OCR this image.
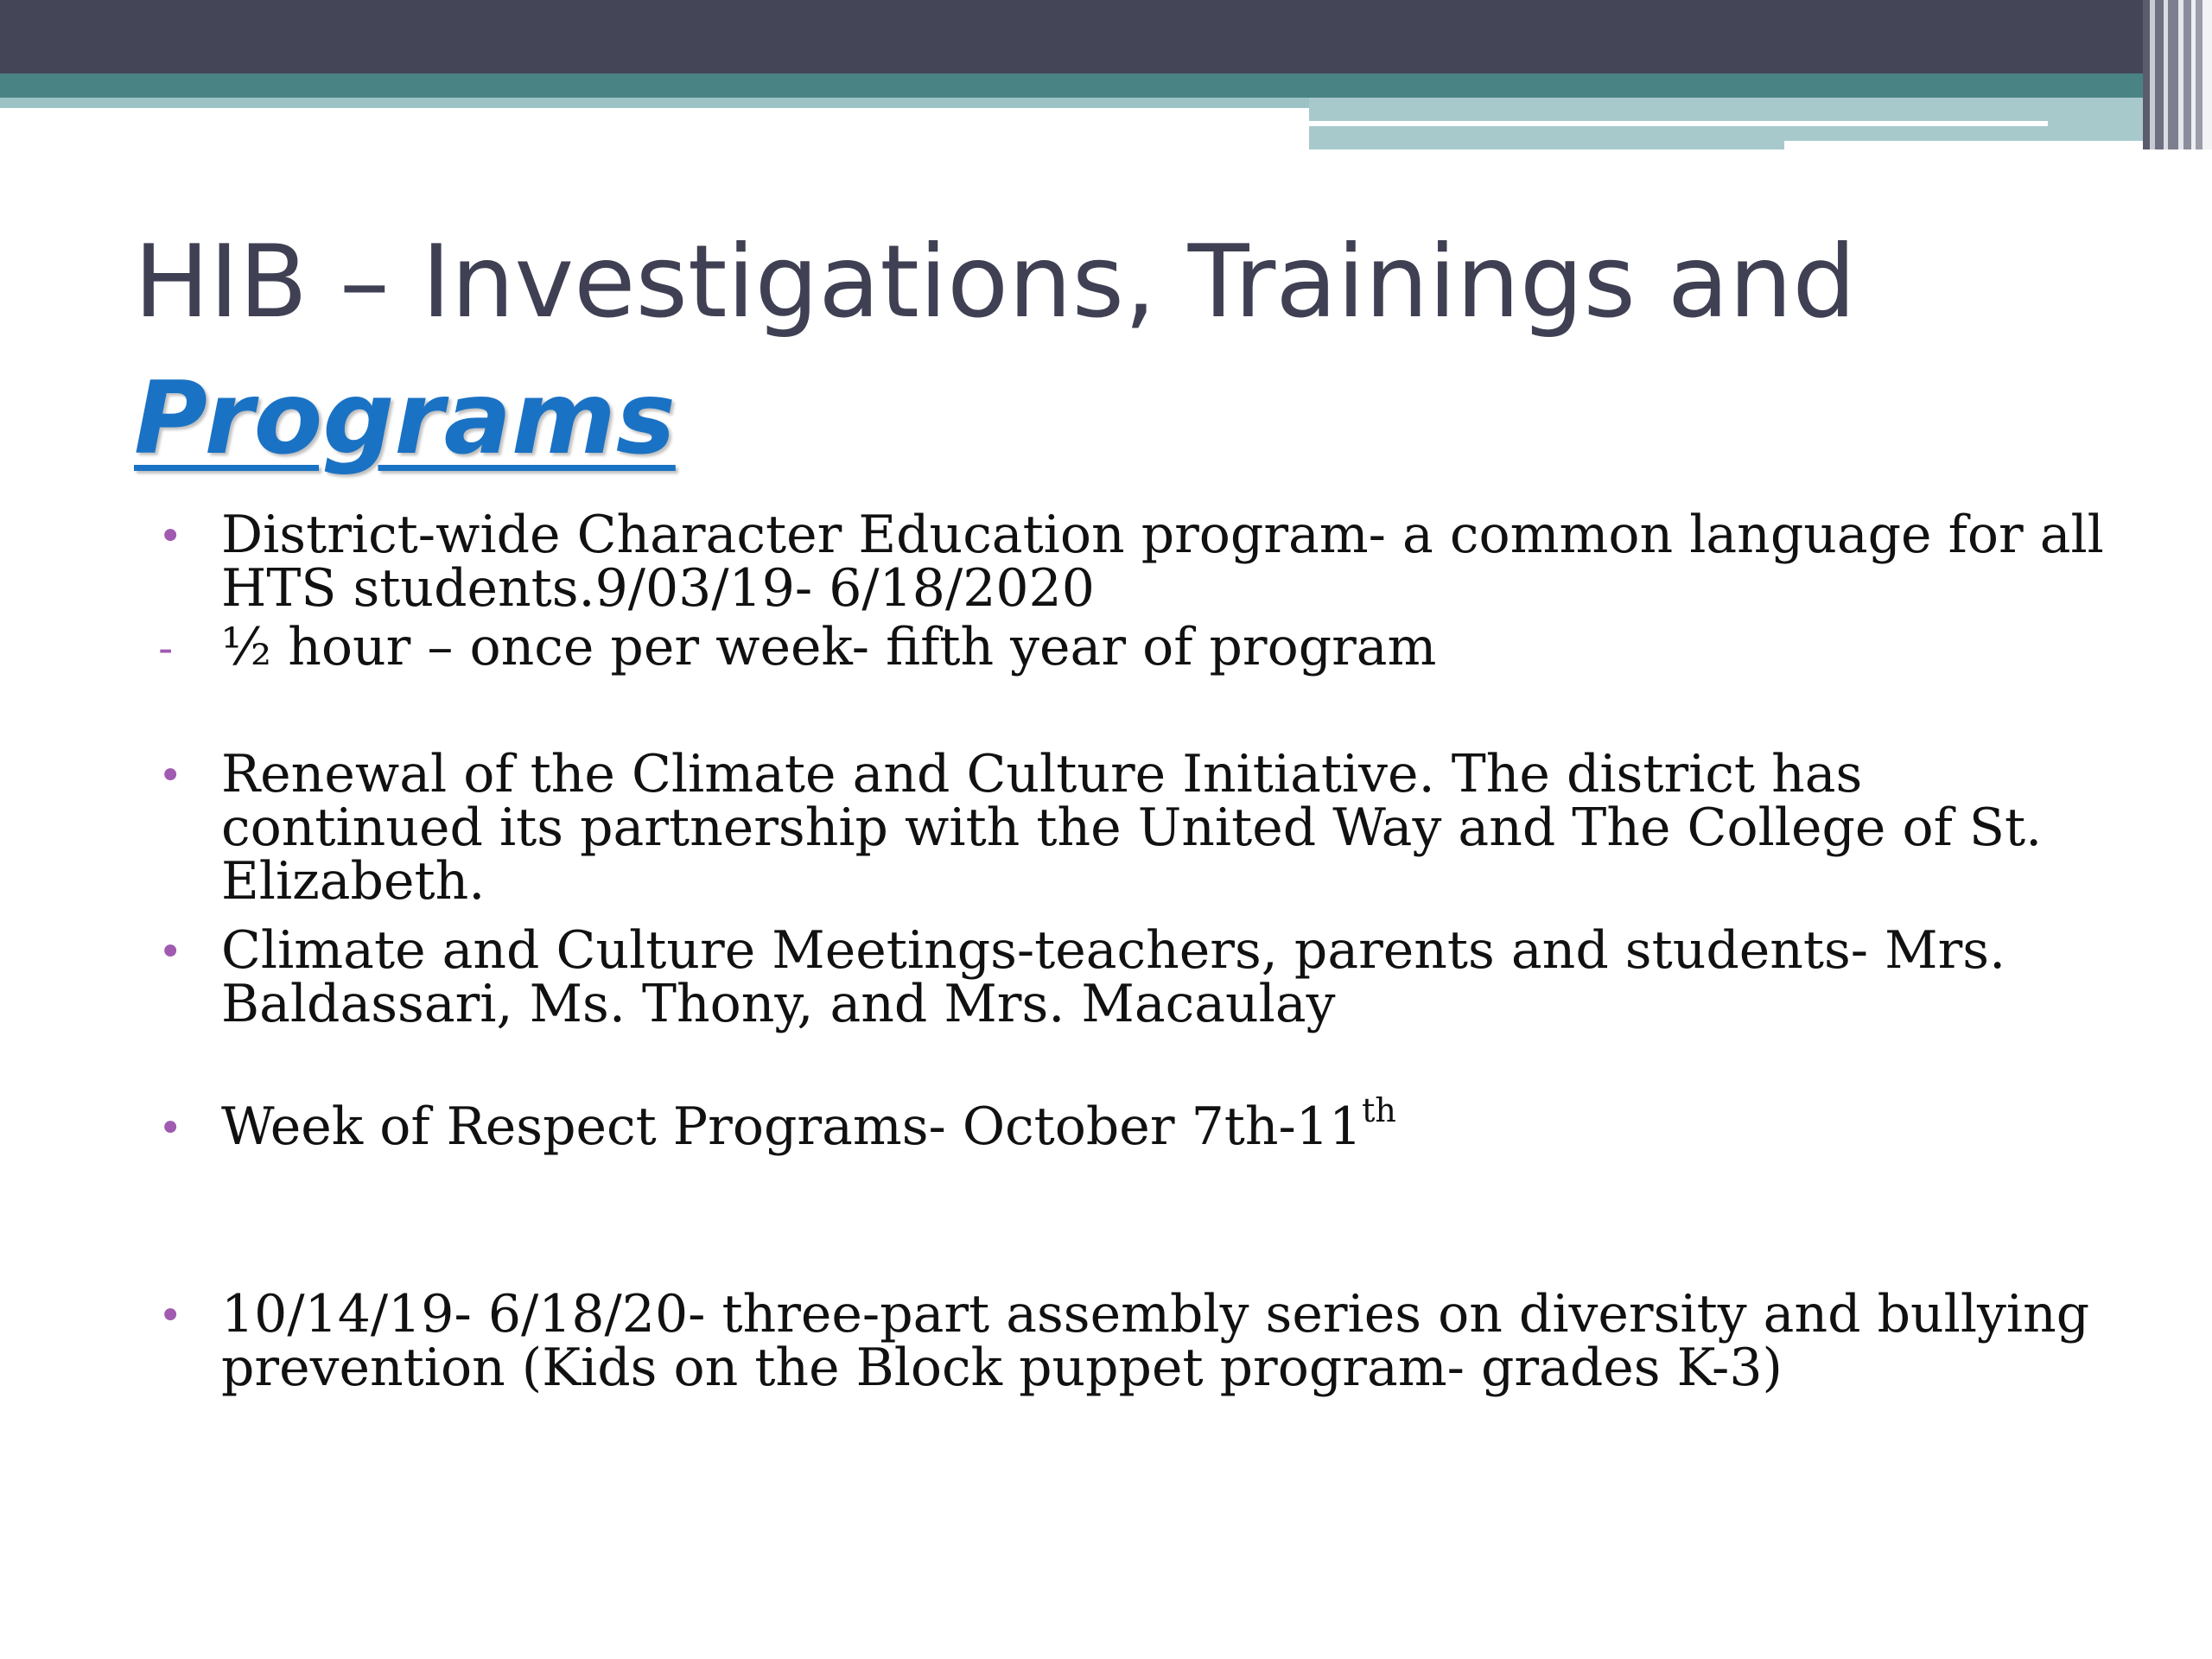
HIB – Investigations, Trainings and
Programs
• District-wide Character Education program- a common language for all HTS students.9/03/19- 6/18/2020
- ½ hour – once per week- fifth year of program
• Renewal of the Climate and Culture Initiative. The district has continued its partnership with the United Way and The College of St. Elizabeth.
• Climate and Culture Meetings-teachers, parents and students- Mrs. Baldassari, Ms. Thony, and Mrs. Macaulay
• Week of Respect Programs- October 7th-11th
• 10/14/19- 6/18/20- three-part assembly series on diversity and bullying prevention (Kids on the Block puppet program- grades K-3)
